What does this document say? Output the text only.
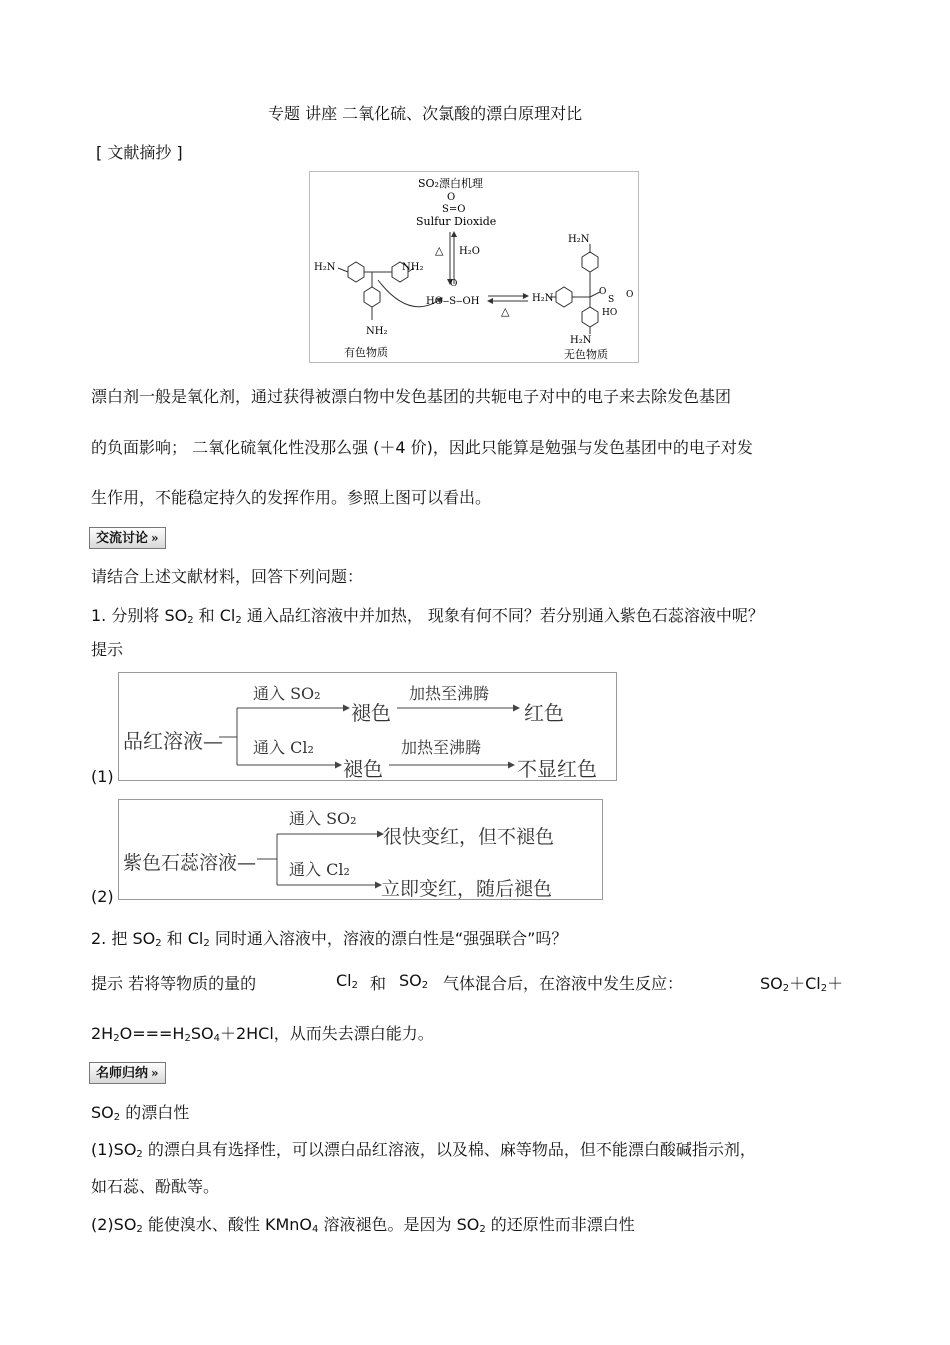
专题 讲座 二氧化硫、次氯酸的漂白原理对比
[ 文献摘抄 ]
SO₂漂白机理
O
S=O
Sulfur Dioxide
△ H₂O
H₂N	NH₂
NH₂
O
HO‒S‒OH
△
H₂N
H₂N
H₂N
O
S O
HO
有色物质	无色物质
漂白剂一般是氧化剂，通过获得被漂白物中发色基团的共轭电子对中的电子来去除发色基团
的负面影响； 二氧化硫氧化性没那么强 (＋4 价)，因此只能算是勉强与发色基团中的电子对发
生作用，不能稳定持久的发挥作用。参照上图可以看出。
交流讨论 »
请结合上述文献材料，回答下列问题：
1. 分别将 $SO_2$ 和 $Cl_2$ 通入品红溶液中并加热， 现象有何不同？若分别通入紫色石蕊溶液中呢？
提示
(1)
品红溶液—
通入 SO₂
褪色
加热至沸腾
红色
通入 Cl₂
褪色
加热至沸腾
不显红色
(2)
紫色石蕊溶液—
通入 SO₂
很快变红，但不褪色
通入 Cl₂
立即变红，随后褪色
2. 把 $SO_2$ 和 $Cl_2$ 同时通入溶液中，溶液的漂白性是“强强联合”吗？
提示 若将等物质的量的	$Cl_2$ 和 $SO_2$ 气体混合后，在溶液中发生反应：	$SO_2+Cl_2+$
$2H_2O===H_2SO_4+2HCl$，从而失去漂白能力。
名师归纳 »
$SO_2$ 的漂白性
$(1)SO_2$ 的漂白具有选择性，可以漂白品红溶液，以及棉、麻等物品，但不能漂白酸碱指示剂，
如石蕊、酚酞等。
$(2)SO_2$ 能使溴水、酸性 KMnO$_4$ 溶液褪色。是因为 $SO_2$ 的还原性而非漂白性
